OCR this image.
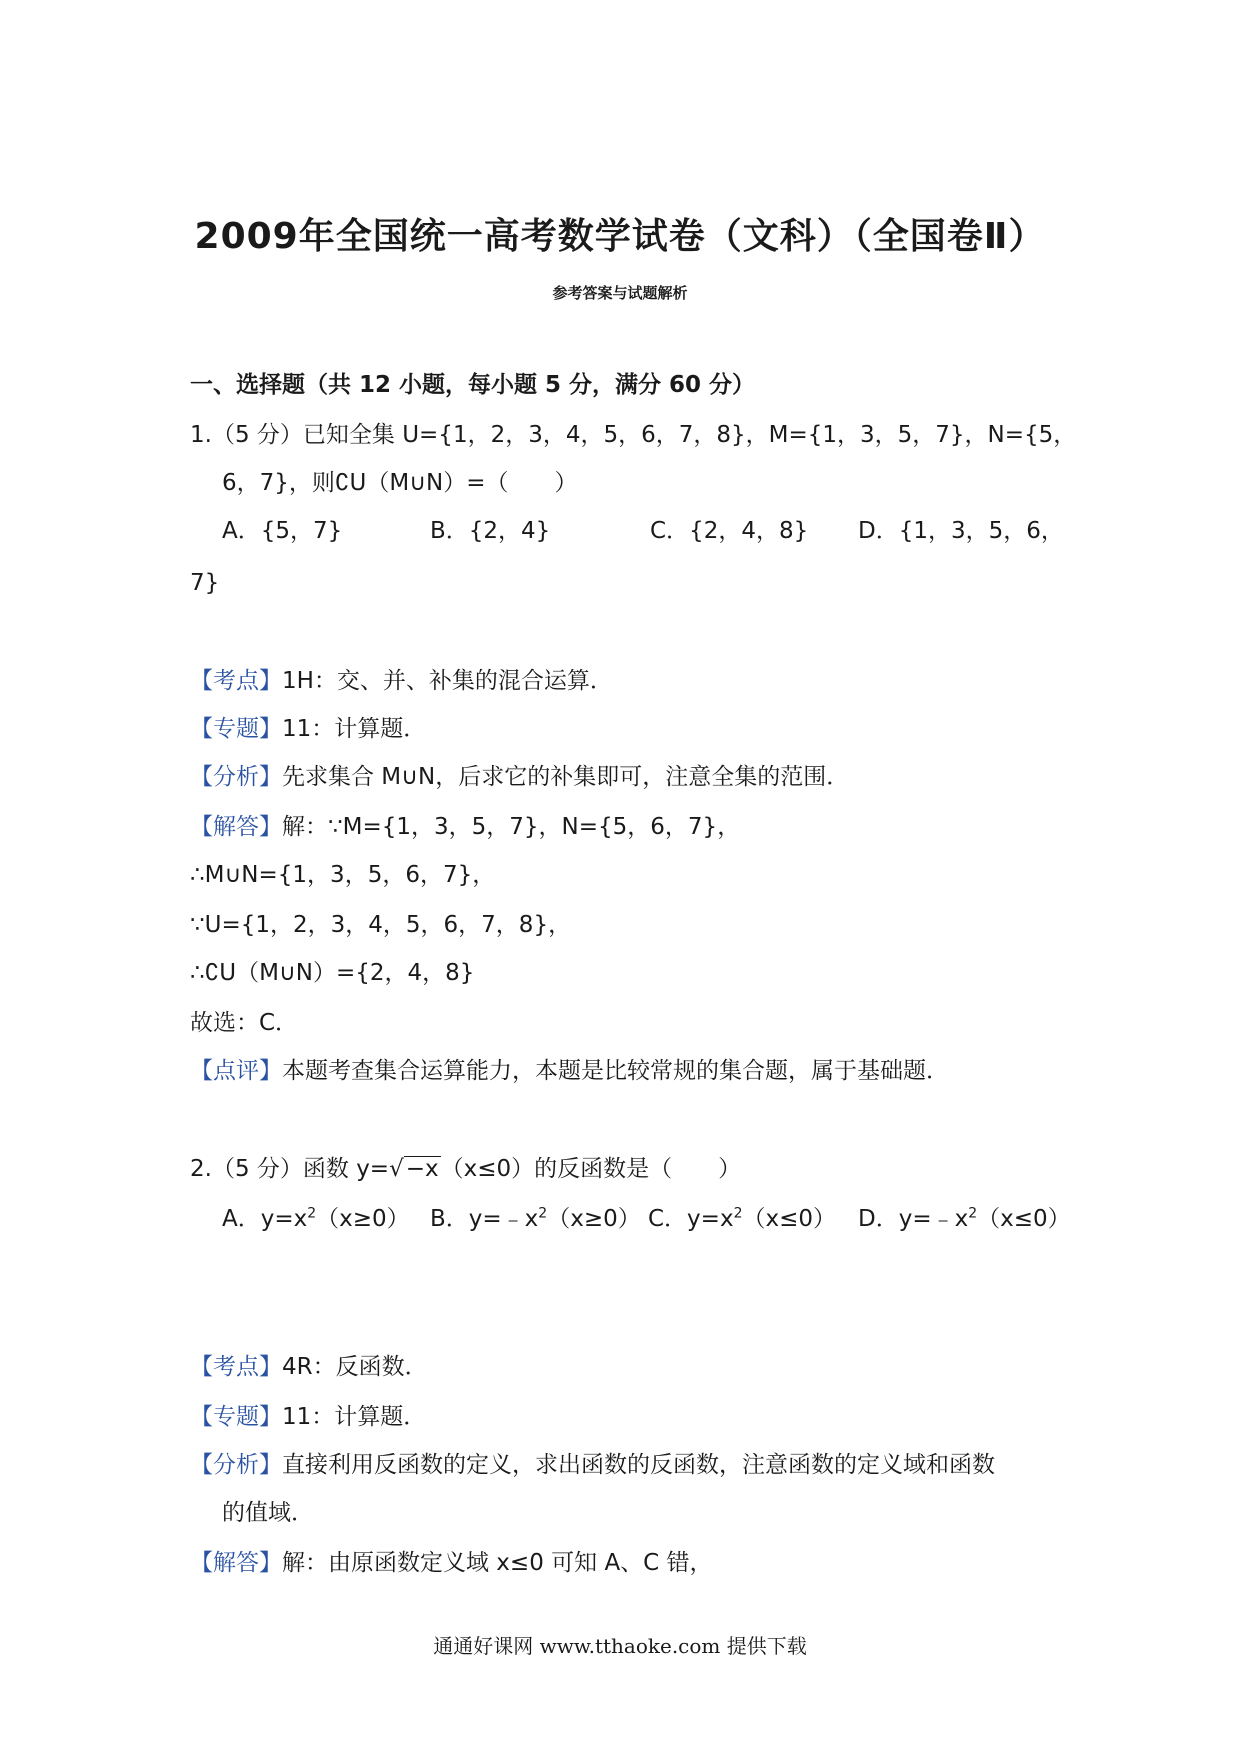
2009年全国统一高考数学试卷（文科）（全国卷Ⅱ）
参考答案与试题解析
一、选择题（共 12 小题，每小题 5 分，满分 60 分）
1.（5 分）已知全集 U={1，2，3，4，5，6，7，8}，M={1，3，5，7}，N={5，
6，7}，则∁U（M∪N）=（　　）
A．{5，7}	B．{2，4}	C．{2，4，8} D．{1，3，5，6，
7}
【考点】1H：交、并、补集的混合运算．
【专题】11：计算题．
【分析】先求集合 M∪N，后求它的补集即可，注意全集的范围．
【解答】解：∵M={1，3，5，7}，N={5，6，7}，
∴M∪N={1，3，5，6，7}，
∵U={1，2，3，4，5，6，7，8}，
∴∁U（M∪N）={2，4，8}
故选：C．
【点评】本题考查集合运算能力，本题是比较常规的集合题，属于基础题．
2.（5 分）函数 y=√−x（x≤0）的反函数是（　　）
A．$y=x^2(x\ge 0)$ B．$y=﹣x^2(x\ge 0)$ C．$y=x^2(x\le 0)$ D．$y=﹣x^2(x\le 0)$
【考点】4R：反函数．
【专题】11：计算题．
【分析】直接利用反函数的定义，求出函数的反函数，注意函数的定义域和函数
的值域．
【解答】解：由原函数定义域 x≤0 可知 A、C 错，
通通好课网 www.tthaoke.com 提供下载
